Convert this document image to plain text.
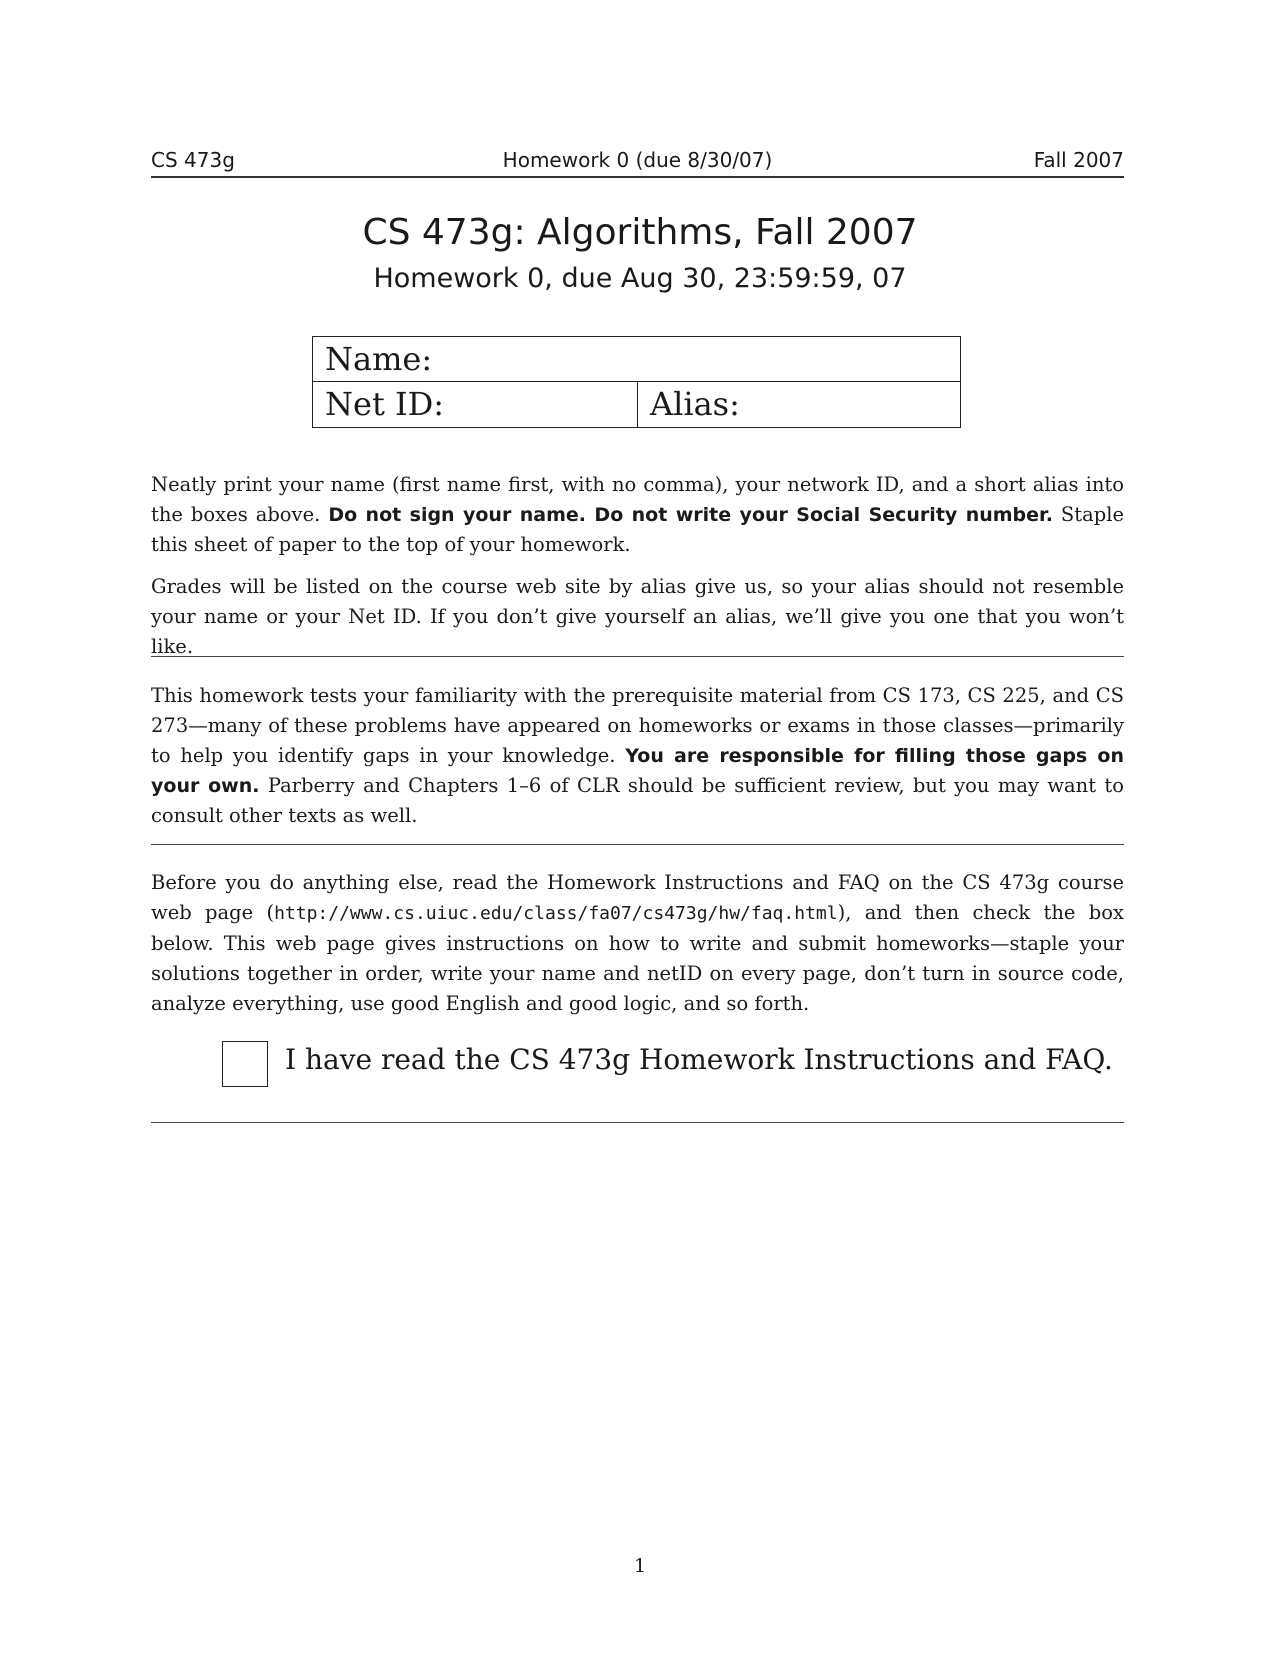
CS 473g	Homework 0 (due 8/30/07)	Fall 2007
CS 473g: Algorithms, Fall 2007
Homework 0, due Aug 30, 23:59:59, 07
Name:
Net ID:	Alias:
Neatly print your name (first name first, with no comma), your network ID, and a short alias into the boxes above. Do not sign your name. Do not write your Social Security number. Staple this sheet of paper to the top of your homework.
Grades will be listed on the course web site by alias give us, so your alias should not resemble your name or your Net ID. If you don’t give yourself an alias, we’ll give you one that you won’t like.
This homework tests your familiarity with the prerequisite material from CS 173, CS 225, and CS 273—many of these problems have appeared on homeworks or exams in those classes—primarily to help you identify gaps in your knowledge. You are responsible for filling those gaps on your own. Parberry and Chapters 1–6 of CLR should be sufficient review, but you may want to consult other texts as well.
Before you do anything else, read the Homework Instructions and FAQ on the CS 473g course web page (http://www.cs.uiuc.edu/class/fa07/cs473g/hw/faq.html), and then check the box below. This web page gives instructions on how to write and submit homeworks—staple your solutions together in order, write your name and netID on every page, don’t turn in source code, analyze everything, use good English and good logic, and so forth.
I have read the CS 473g Homework Instructions and FAQ.
1
